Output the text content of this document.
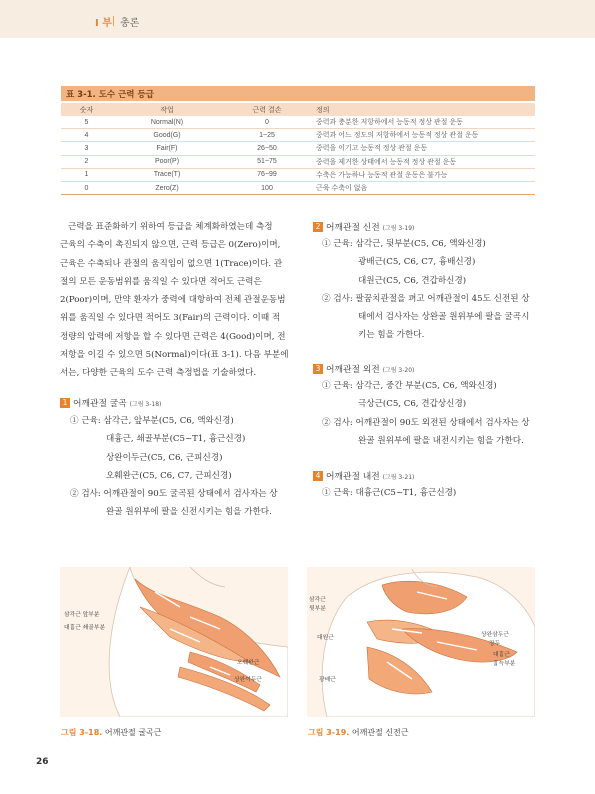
I 부 총론
표 3-1. 도수 근력 등급
숫자	작업	근력 결손	정의
5	Normal(N)	0	중력과 충분한 저항하에서 능동적 정상 관절 운동
4	Good(G)	1~25	중력과 어느 정도의 저항하에서 능동적 정상 관절 운동
3	Fair(F)	26~50	중력을 이기고 능동적 정상 관절 운동
2	Poor(P)	51~75	중력을 제거한 상태에서 능동적 정상 관절 운동
1	Trace(T)	76~99	수축은 가능하나 능동적 관절 운동은 불가능
0	Zero(Z)	100	근육 수축이 없음
근력을 표준화하기 위하여 등급을 체계화하였는데 측정
근육의 수축이 촉진되지 않으면, 근력 등급은 0(Zero)이며,
근육은 수축되나 관절의 움직임이 없으면 1(Trace)이다. 관
절의 모든 운동범위를 움직일 수 있다면 적어도 근력은
2(Poor)이며, 만약 환자가 중력에 대항하여 전체 관절운동범
위를 움직일 수 있다면 적어도 3(Fair)의 근력이다. 이때 적
정량의 압력에 저항을 할 수 있다면 근력은 4(Good)이며, 전
저항을 이길 수 있으면 5(Normal)이다(표 3-1). 다음 부분에
서는, 다양한 근육의 도수 근력 측정법을 기술하였다.
1 어깨관절 굴곡 (그림 3-18)
① 근육: 삼각근, 앞부분(C5, C6, 액와신경)
대흉근, 쇄골부분(C5~T1, 흉근신경)
상완이두근(C5, C6, 근피신경)
오훼완근(C5, C6, C7, 근피신경)
② 검사: 어깨관절이 90도 굴곡된 상태에서 검사자는 상
완골 원위부에 팔을 신전시키는 힘을 가한다.
2 어깨관절 신전 (그림 3-19)
① 근육: 삼각근, 뒷부분(C5, C6, 액와신경)
광배근(C5, C6, C7, 흉배신경)
대원근(C5, C6, 견갑하신경)
② 검사: 팔꿈치관절을 펴고 어깨관절이 45도 신전된 상
태에서 검사자는 상완골 원위부에 팔을 굴곡시
키는 힘을 가한다.
3 어깨관절 외전 (그림 3-20)
① 근육: 삼각근, 중간 부분(C5, C6, 액와신경)
극상근(C5, C6, 견갑상신경)
② 검사: 어깨관절이 90도 외전된 상태에서 검사자는 상
완골 원위부에 팔을 내전시키는 힘을 가한다.
4 어깨관절 내전 (그림 3-21)
① 근육: 대흉근(C5~T1, 흉근신경)
삼각근 앞부분
대흉근 쇄골부분
오훼완근
상완이두근
그림 3-18. 어깨관절 굴곡근
삼각근
뒷부분
대원근	상완삼두근
장두
대흉근
흉늑부분
광배근
그림 3-19. 어깨관절 신전근
26
